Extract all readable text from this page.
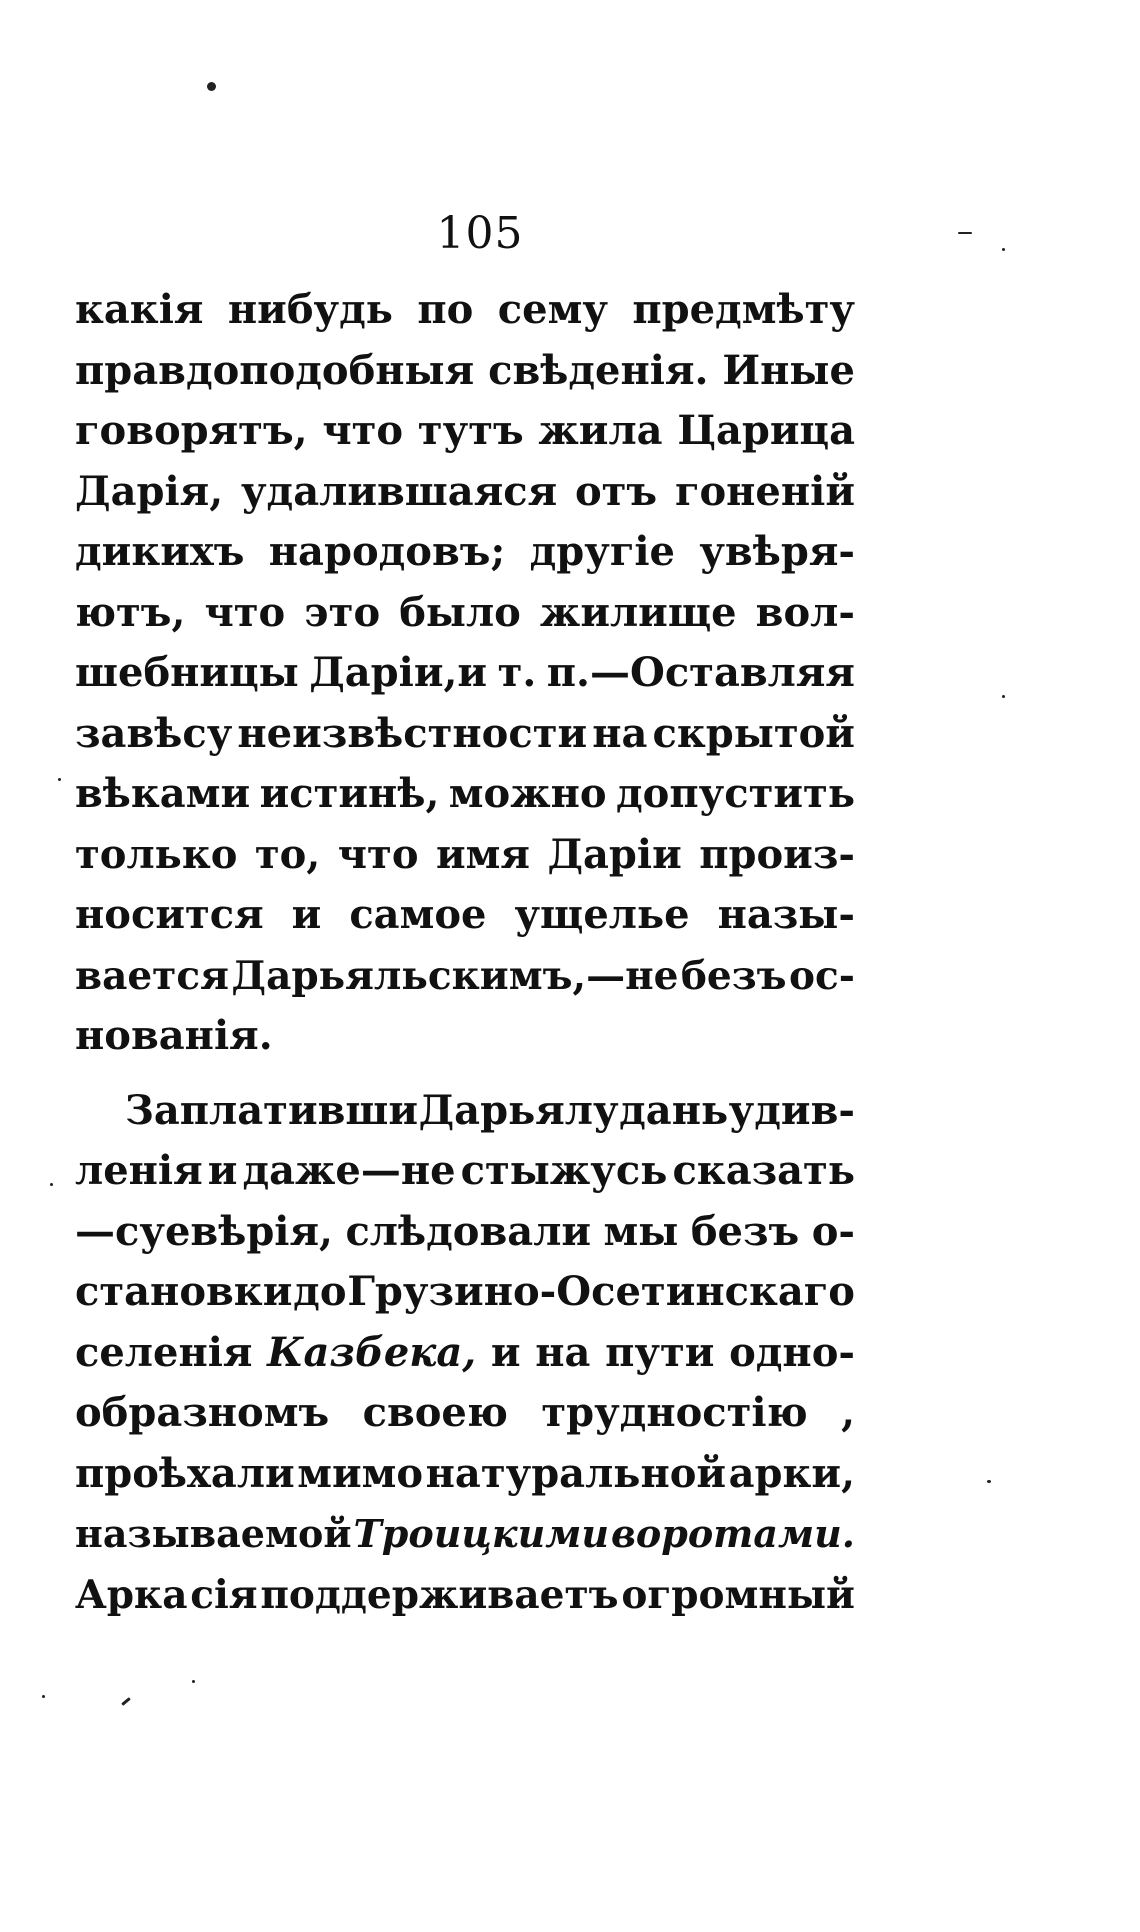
105
какія нибудь по сему предмѣту
правдоподобныя свѣденія. Иные
говорятъ, что тутъ жила Царица
Дарія, удалившаяся отъ гоненій
дикихъ народовъ; другіе увѣря-
ютъ, что это было жилище вол-
шебницы Даріи,и т. п.—Оставляя
завѣсу неизвѣстности на скрытой
вѣками истинѣ, можно допустить
только то, что имя Даріи произ-
носится и самое ущелье назы-
вается Дарьяльскимъ,—не безъ ос-
нованія.
Заплативши Дарьялу дань удив-
ленія и даже—не стыжусь сказать
—суевѣрія, слѣдовали мы безъ о-
становки до Грузино-Осетинскаго
селенія Казбека, и на пути одно-
образномъ своею трудностію ,
проѣхали мимо натуральной арки,
называемой Троицкими воротами.
Арка сія поддерживаетъ огромный
